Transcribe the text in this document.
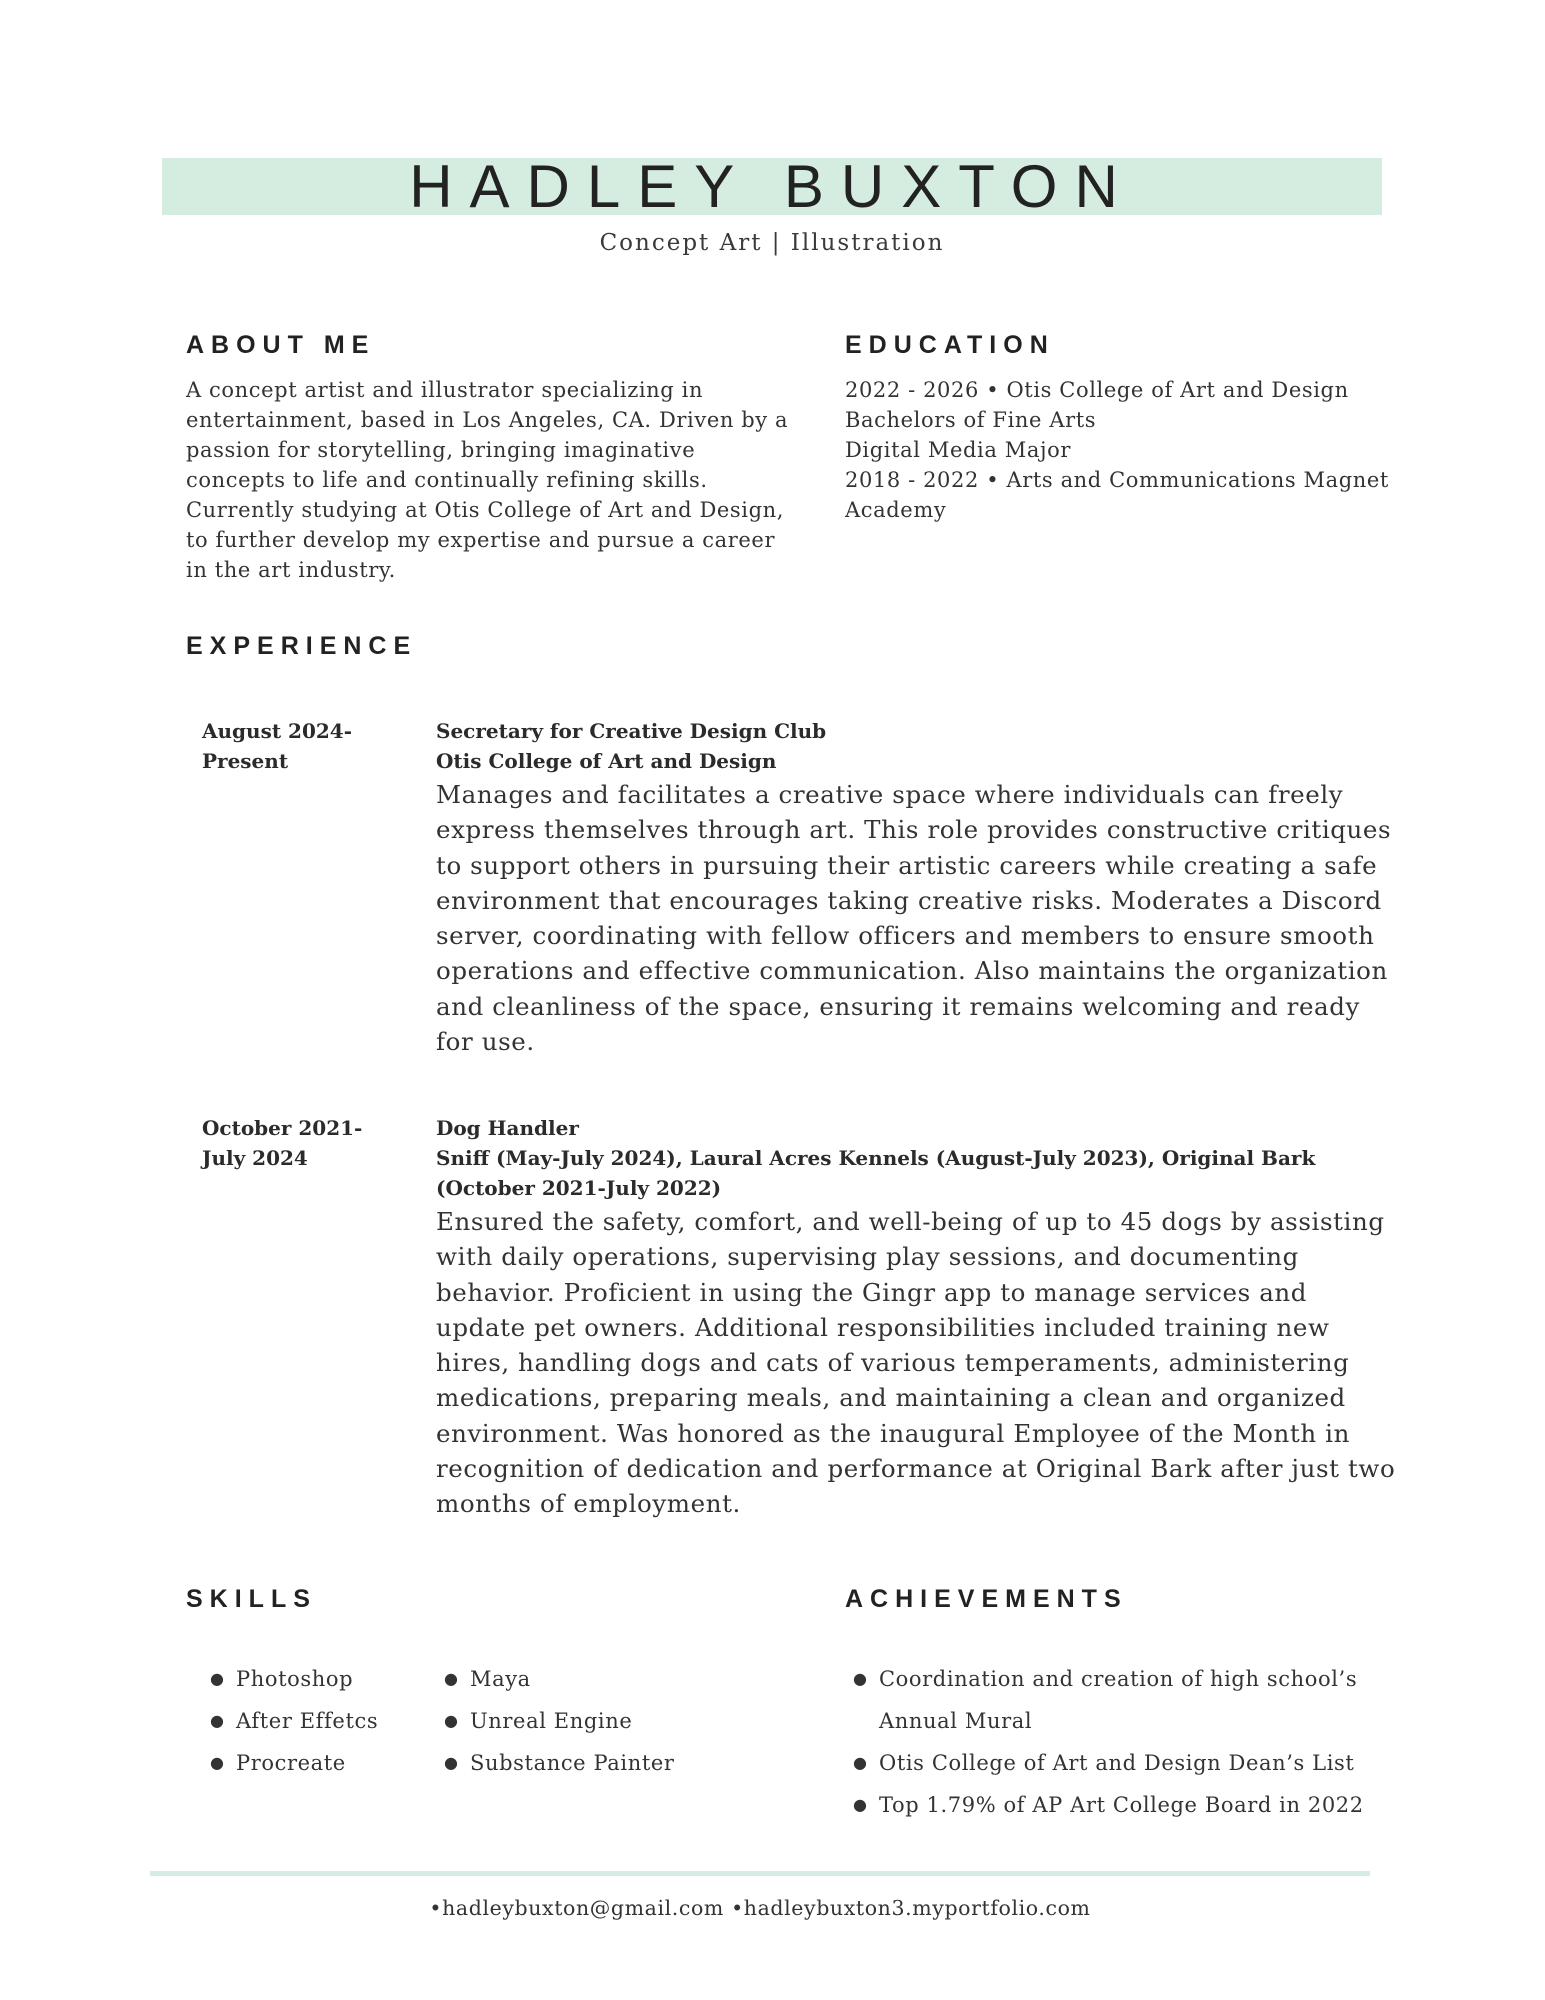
HADLEY BUXTON
Concept Art | Illustration
ABOUT ME
A concept artist and illustrator specializing in
entertainment, based in Los Angeles, CA. Driven by a
passion for storytelling, bringing imaginative
concepts to life and continually refining skills.
Currently studying at Otis College of Art and Design,
to further develop my expertise and pursue a career
in the art industry.
EDUCATION
2022 - 2026 • Otis College of Art and Design
Bachelors of Fine Arts
Digital Media Major
2018 - 2022 • Arts and Communications Magnet
Academy
EXPERIENCE
August 2024-
Present
Secretary for Creative Design Club
Otis College of Art and Design
Manages and facilitates a creative space where individuals can freely
express themselves through art. This role provides constructive critiques
to support others in pursuing their artistic careers while creating a safe
environment that encourages taking creative risks. Moderates a Discord
server, coordinating with fellow officers and members to ensure smooth
operations and effective communication. Also maintains the organization
and cleanliness of the space, ensuring it remains welcoming and ready
for use.
October 2021-
July 2024
Dog Handler
Sniff (May-July 2024), Laural Acres Kennels (August-July 2023), Original Bark
(October 2021-July 2022)
Ensured the safety, comfort, and well-being of up to 45 dogs by assisting
with daily operations, supervising play sessions, and documenting
behavior. Proficient in using the Gingr app to manage services and
update pet owners. Additional responsibilities included training new
hires, handling dogs and cats of various temperaments, administering
medications, preparing meals, and maintaining a clean and organized
environment. Was honored as the inaugural Employee of the Month in
recognition of dedication and performance at Original Bark after just two
months of employment.
SKILLS
● Photoshop
● After Effetcs
● Procreate
● Maya
● Unreal Engine
● Substance Painter
ACHIEVEMENTS
● Coordination and creation of high school’s
Annual Mural
● Otis College of Art and Design Dean’s List
● Top 1.79% of AP Art College Board in 2022
•hadleybuxton@gmail.com •hadleybuxton3.myportfolio.com
